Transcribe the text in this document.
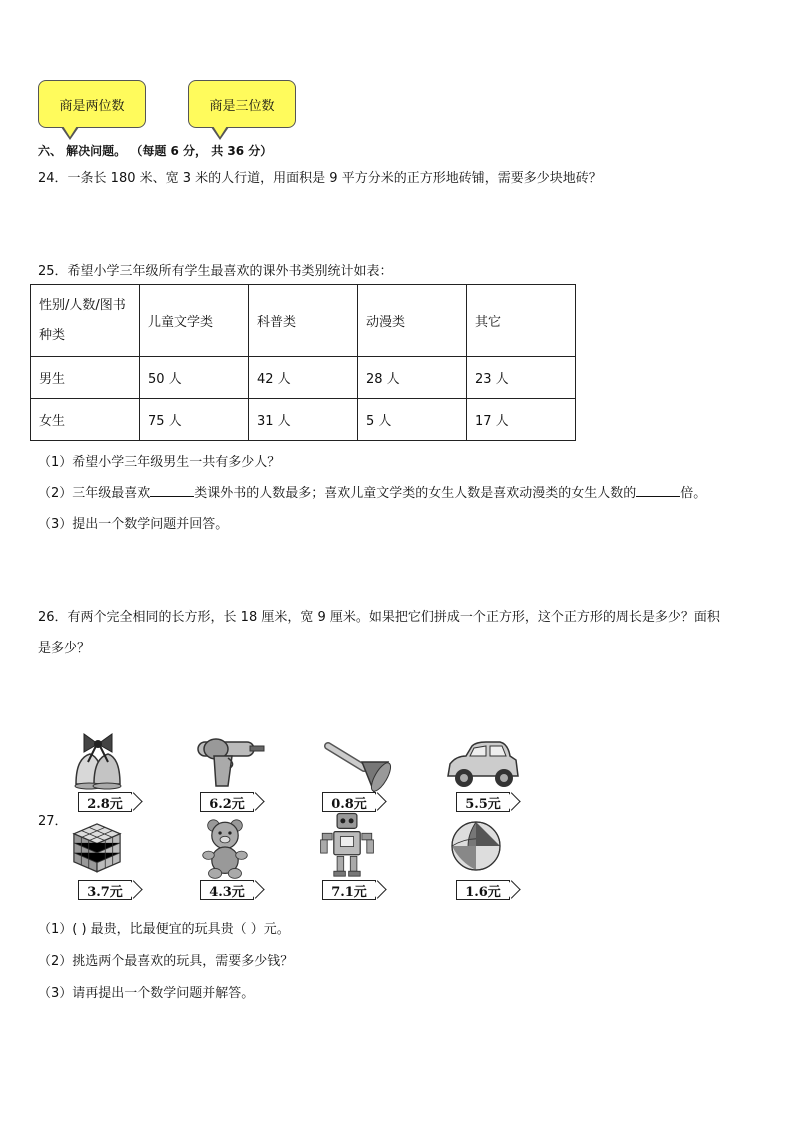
商是两位数	商是三位数
六、 解决问题。 （每题 6 分， 共 36 分）
24．一条长 180 米、宽 3 米的人行道，用面积是 9 平方分米的正方形地砖铺，需要多少块地砖？
25．希望小学三年级所有学生最喜欢的课外书类别统计如表：
性别/人数/图书
种类	儿童文学类	科普类	动漫类	其它
男生	50 人	42 人	28 人	23 人
女生	75 人	31 人	5 人	17 人
（1）希望小学三年级男生一共有多少人？
（2）三年级最喜欢	类课外书的人数最多；喜欢儿童文学类的女生人数是喜欢动漫类的女生人数的	倍。
（3）提出一个数学问题并回答。
26．有两个完全相同的长方形，长 18 厘米，宽 9 厘米。如果把它们拼成一个正方形，这个正方形的周长是多少？面积
是多少？
27．
2.8元	6.2元	0.8元	5.5元
3.7元	4.3元	7.1元	1.6元
（1）( ) 最贵，比最便宜的玩具贵（ ）元。
（2）挑选两个最喜欢的玩具，需要多少钱？
（3）请再提出一个数学问题并解答。
